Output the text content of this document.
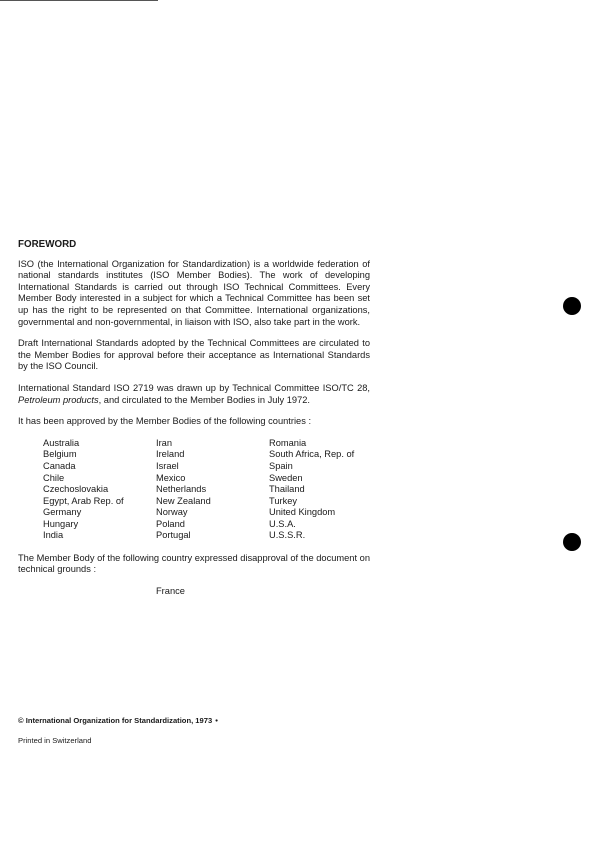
FOREWORD

ISO (the International Organization for Standardization) is a worldwide federation of national standards institutes (ISO Member Bodies). The work of developing International Standards is carried out through ISO Technical Committees. Every Member Body interested in a subject for which a Technical Committee has been set up has the right to be represented on that Committee. International organizations, governmental and non-governmental, in liaison with ISO, also take part in the work.

Draft International Standards adopted by the Technical Committees are circulated to the Member Bodies for approval before their acceptance as International Standards by the ISO Council.

International Standard ISO 2719 was drawn up by Technical Committee ISO/TC 28, Petroleum products, and circulated to the Member Bodies in July 1972.

It has been approved by the Member Bodies of the following countries :

Australia
Belgium
Canada
Chile
Czechoslovakia
Egypt, Arab Rep. of
Germany
Hungary
India
Iran
Ireland
Israel
Mexico
Netherlands
New Zealand
Norway
Poland
Portugal
Romania
South Africa, Rep. of
Spain
Sweden
Thailand
Turkey
United Kingdom
U.S.A.
U.S.S.R.

The Member Body of the following country expressed disapproval of the document on technical grounds :

France
© International Organization for Standardization, 1973 •
Printed in Switzerland
